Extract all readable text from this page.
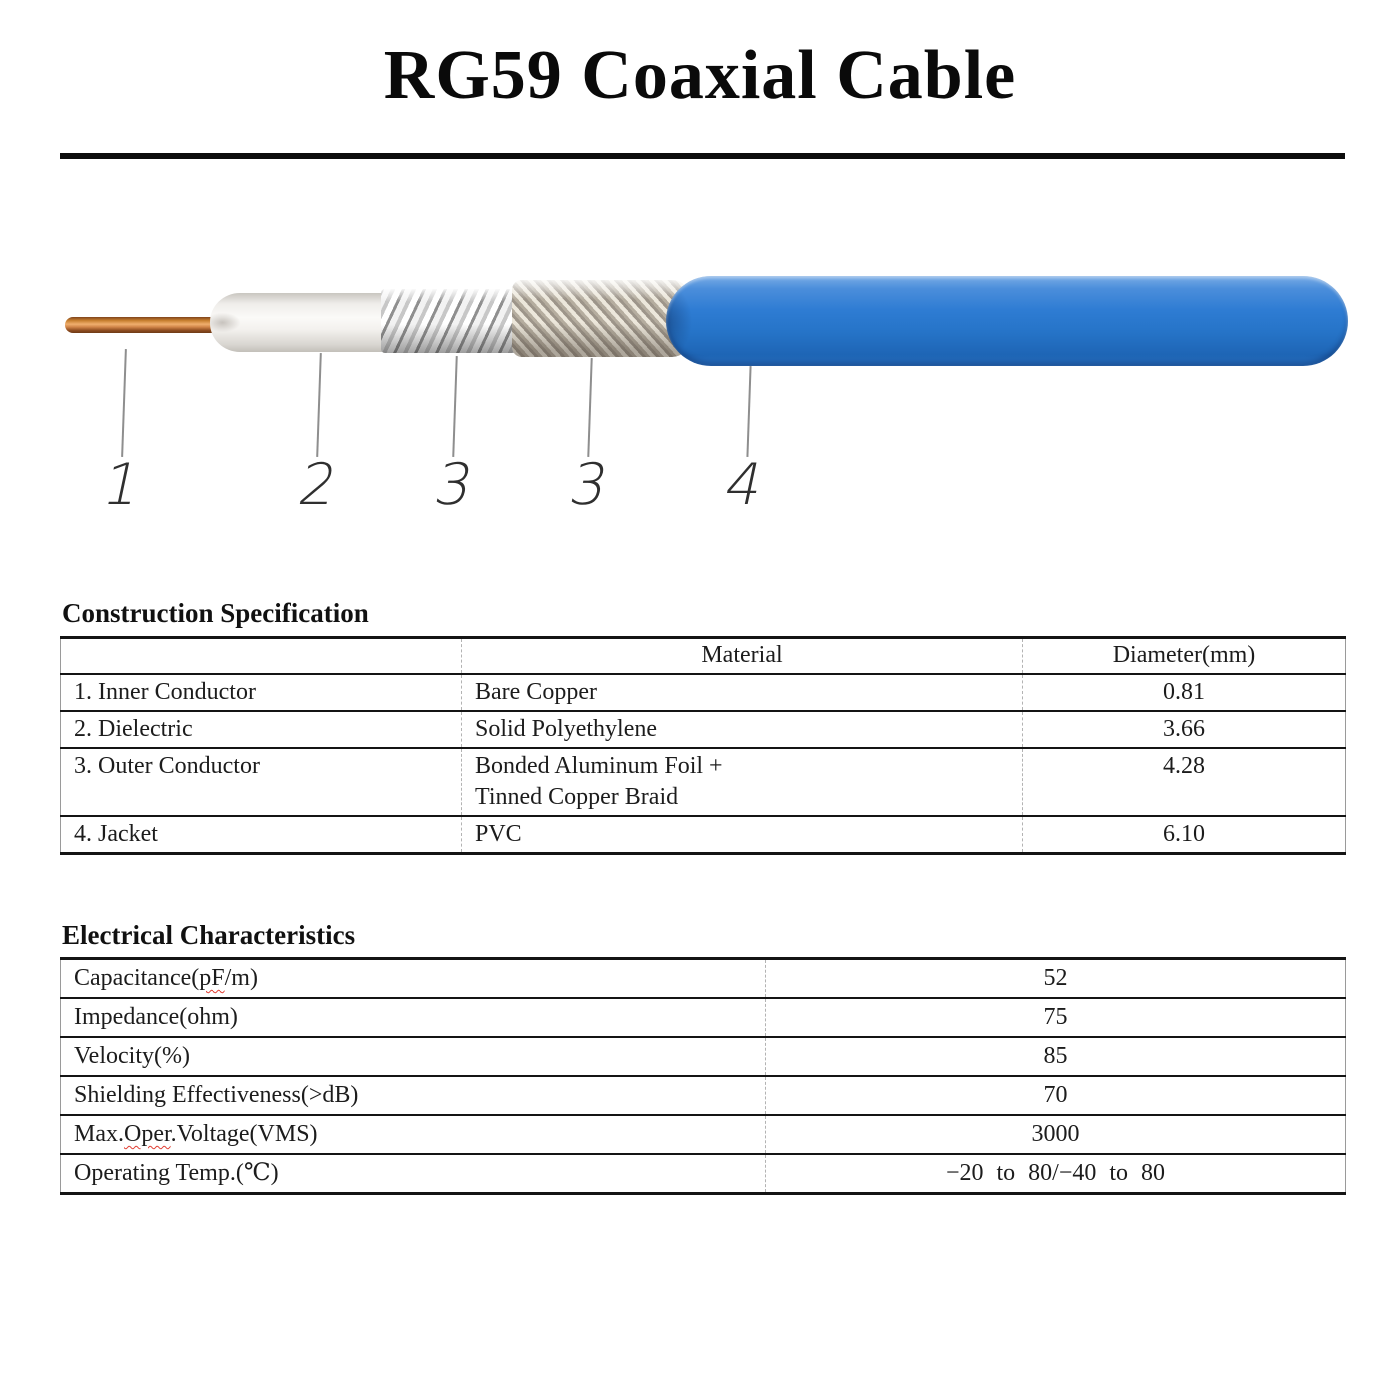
RG59 Coaxial Cable
1	2 3 3 4
Construction Specification
	Material	Diameter(mm)
1. Inner Conductor	Bare Copper	0.81
2. Dielectric	Solid Polyethylene	3.66
3. Outer Conductor	Bonded Aluminum Foil +
Tinned Copper Braid	4.28
4. Jacket	PVC	6.10
Electrical Characteristics
Capacitance(pF/m)	52
Impedance(ohm)	75
Velocity(%)	85
Shielding Effectiveness(>dB)	70
Max.Oper.Voltage(VMS)	3000
Operating Temp.(℃)	−20 to 80/−40 to 80
